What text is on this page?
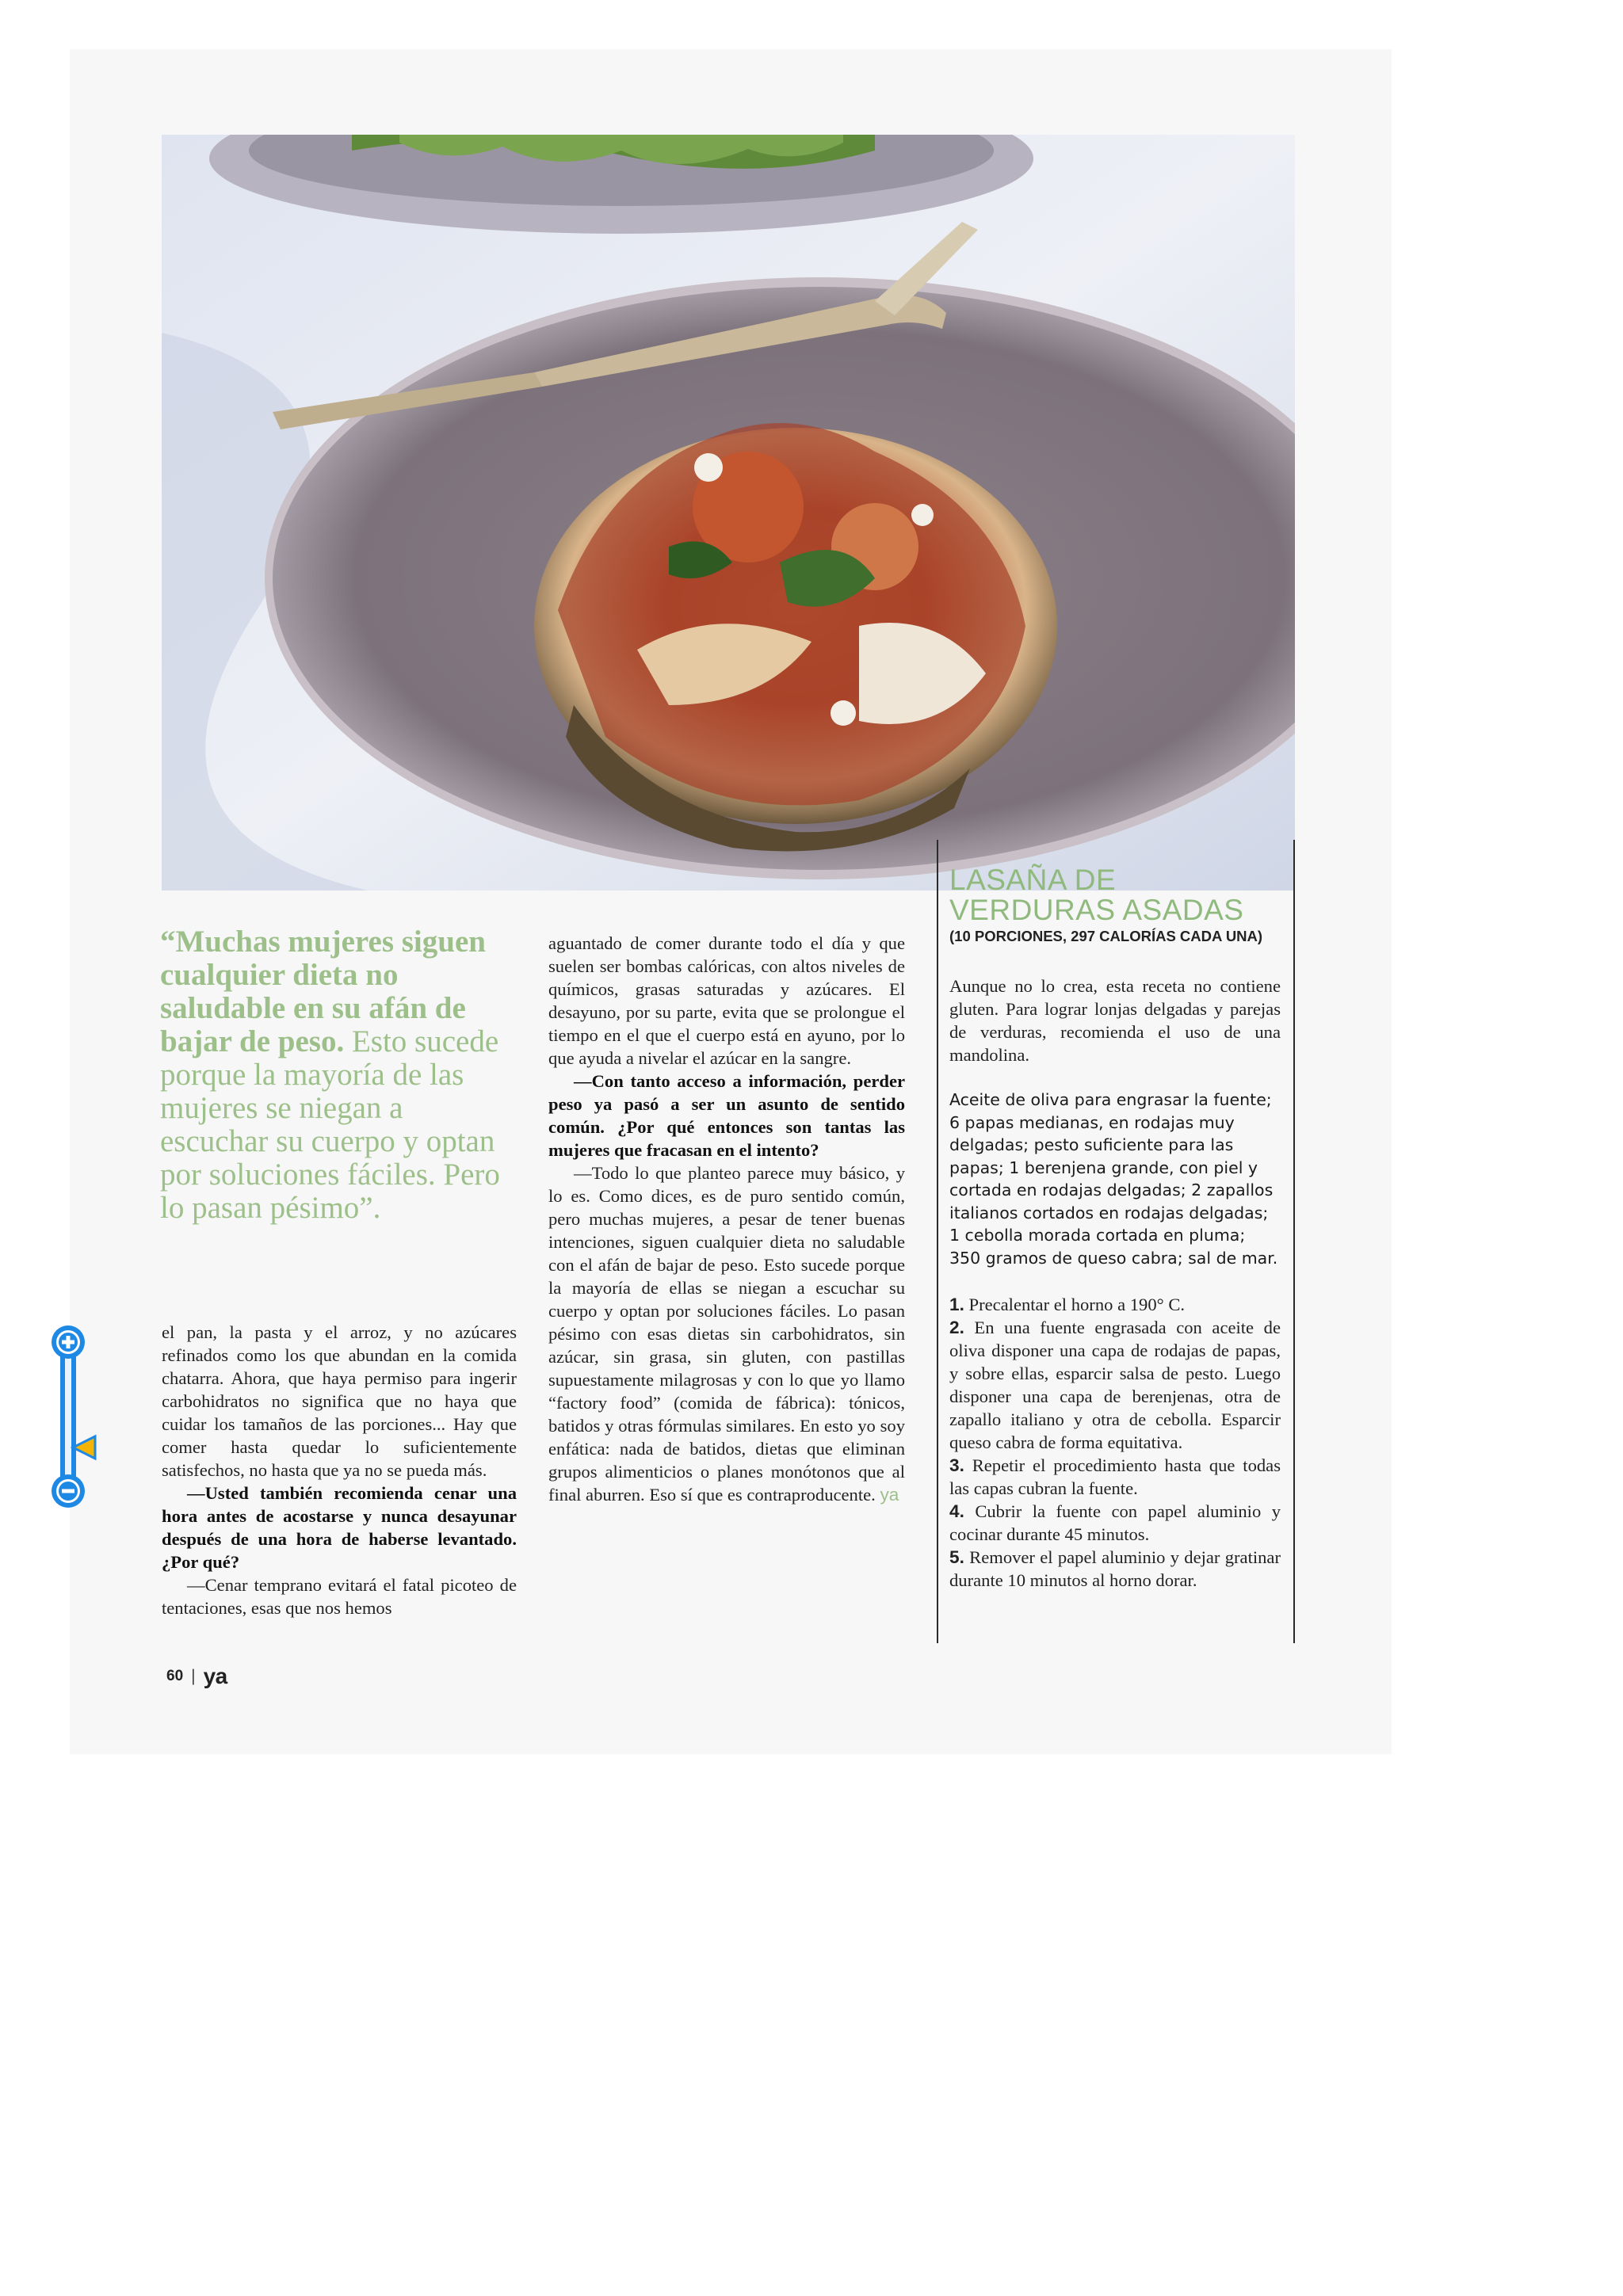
“Muchas mujeres siguen cualquier dieta no saludable en su afán de bajar de peso. Esto sucede porque la mayoría de las mujeres se niegan a escuchar su cuerpo y optan por soluciones fáciles. Pero lo pasan pésimo”.

el pan, la pasta y el arroz, y no azúcares refinados como los que abundan en la comida chatarra. Ahora, que haya permiso para ingerir carbohidratos no significa que no haya que cuidar los tamaños de las porciones... Hay que comer hasta quedar lo suficientemente satisfechos, no hasta que ya no se pueda más.

—Usted también recomienda cenar una hora antes de acostarse y nunca desayunar después de una hora de haberse levantado. ¿Por qué?

—Cenar temprano evitará el fatal picoteo de tentaciones, esas que nos hemos

aguantado de comer durante todo el día y que suelen ser bombas calóricas, con altos niveles de químicos, grasas saturadas y azúcares. El desayuno, por su parte, evita que se prolongue el tiempo en el que el cuerpo está en ayuno, por lo que ayuda a nivelar el azúcar en la sangre.

—Con tanto acceso a información, perder peso ya pasó a ser un asunto de sentido común. ¿Por qué entonces son tantas las mujeres que fracasan en el intento?

—Todo lo que planteo parece muy básico, y lo es. Como dices, es de puro sentido común, pero muchas mujeres, a pesar de tener buenas intenciones, siguen cualquier dieta no saludable con el afán de bajar de peso. Esto sucede porque la mayoría de ellas se niegan a escuchar su cuerpo y optan por soluciones fáciles. Lo pasan pésimo con esas dietas sin carbohidratos, sin azúcar, sin grasa, sin gluten, con pastillas supuestamente milagrosas y con lo que yo llamo “factory food” (comida de fábrica): tónicos, batidos y otras fórmulas similares. En esto yo soy enfática: nada de batidos, dietas que eliminan grupos alimenticios o planes monótonos que al final aburren. Eso sí que es contraproducente. ya

LASAÑA DE VERDURAS ASADAS
(10 PORCIONES, 297 CALORÍAS CADA UNA)
Aunque no lo crea, esta receta no contiene gluten. Para lograr lonjas delgadas y parejas de verduras, recomienda el uso de una mandolina.
Aceite de oliva para engrasar la fuente; 6 papas medianas, en rodajas muy delgadas; pesto suficiente para las papas; 1 berenjena grande, con piel y cortada en rodajas delgadas; 2 zapallos italianos cortados en rodajas delgadas; 1 cebolla morada cortada en pluma; 350 gramos de queso cabra; sal de mar.

1. Precalentar el horno a 190° C.

2. En una fuente engrasada con aceite de oliva disponer una capa de rodajas de papas, y sobre ellas, esparcir salsa de pesto. Luego disponer una capa de berenjenas, otra de zapallo italiano y otra de cebolla. Esparcir queso cabra de forma equitativa.

3. Repetir el procedimiento hasta que todas las capas cubran la fuente.

4. Cubrir la fuente con papel aluminio y cocinar durante 45 minutos.

5. Remover el papel aluminio y dejar gratinar durante 10 minutos al horno dorar.

60 | ya
